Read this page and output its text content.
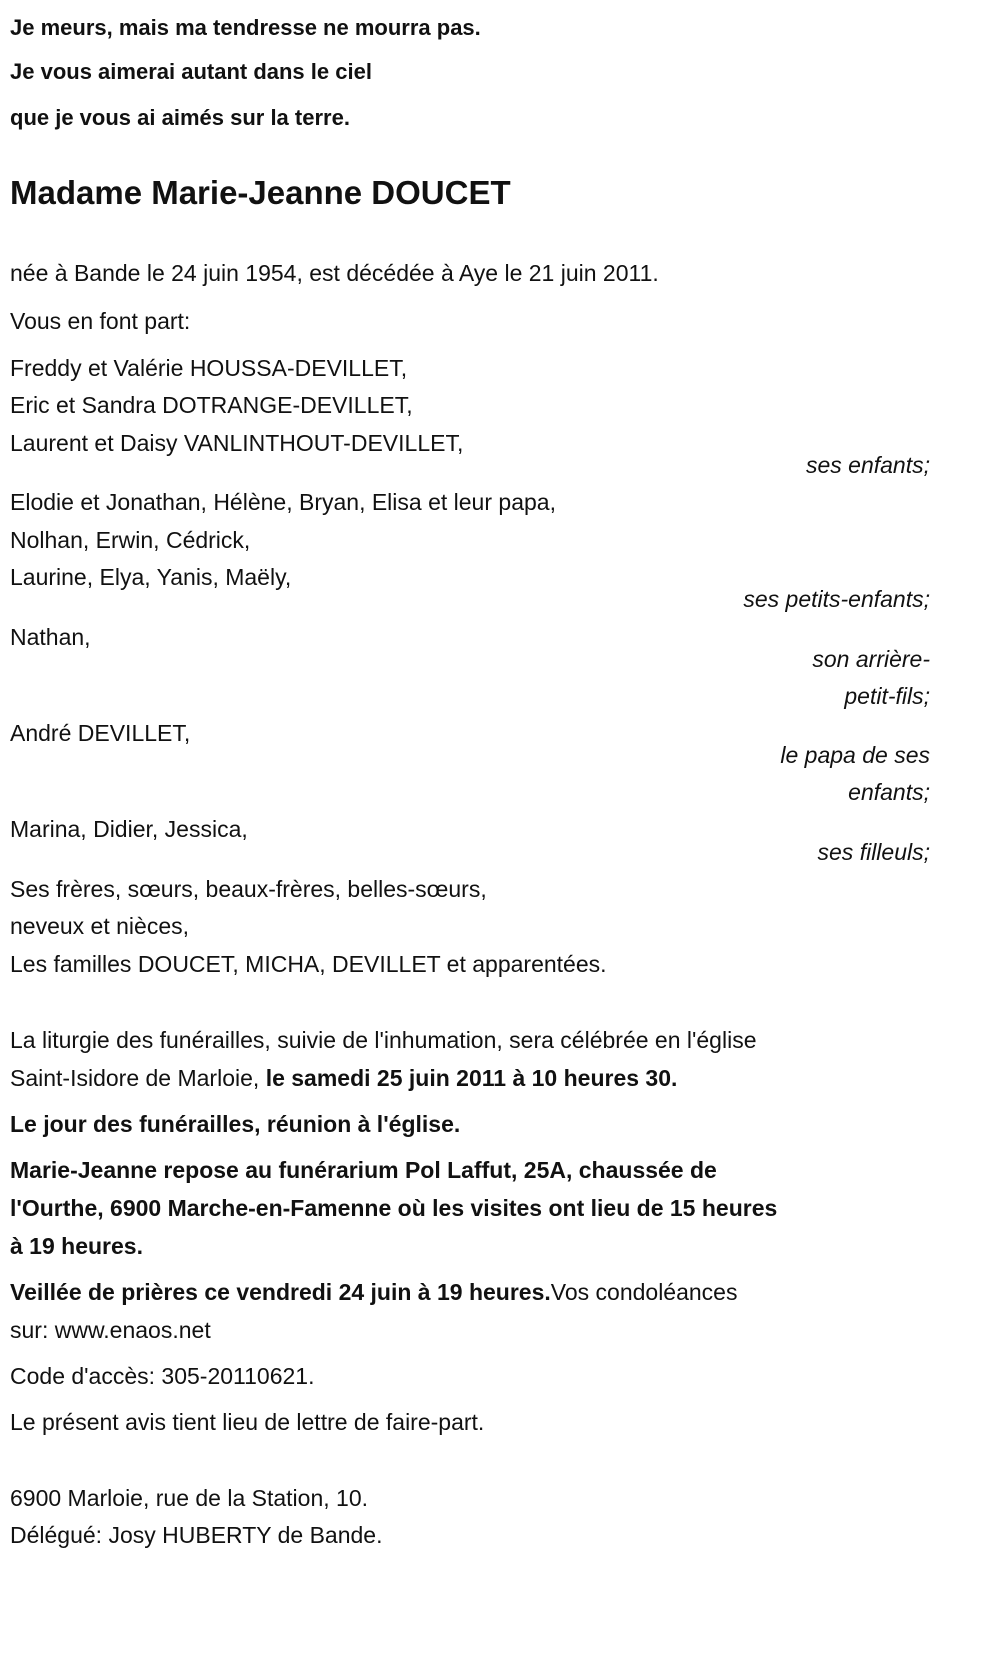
Je meurs, mais ma tendresse ne mourra pas.
Je vous aimerai autant dans le ciel
que je vous ai aimés sur la terre.
Madame Marie-Jeanne DOUCET
née à Bande le 24 juin 1954, est décédée à Aye le 21 juin 2011.
Vous en font part:
Freddy et Valérie HOUSSA-DEVILLET,
Eric et Sandra DOTRANGE-DEVILLET,
Laurent et Daisy VANLINTHOUT-DEVILLET,
ses enfants;
Elodie et Jonathan, Hélène, Bryan, Elisa et leur papa,
Nolhan, Erwin, Cédrick,
Laurine, Elya, Yanis, Maëly,
ses petits-enfants;
Nathan,
son arrière-
petit-fils;
André DEVILLET,
le papa de ses
enfants;
Marina, Didier, Jessica,
ses filleuls;
Ses frères, sœurs, beaux-frères, belles-sœurs,
neveux et nièces,
Les familles DOUCET, MICHA, DEVILLET et apparentées.
La liturgie des funérailles, suivie de l'inhumation, sera célébrée en l'église
Saint-Isidore de Marloie, le samedi 25 juin 2011 à 10 heures 30.
Le jour des funérailles, réunion à l'église.
Marie-Jeanne repose au funérarium Pol Laffut, 25A, chaussée de
l'Ourthe, 6900 Marche-en-Famenne où les visites ont lieu de 15 heures
à 19 heures.
Veillée de prières ce vendredi 24 juin à 19 heures.Vos condoléances
sur: www.enaos.net
Code d'accès: 305-20110621.
Le présent avis tient lieu de lettre de faire-part.
6900 Marloie, rue de la Station, 10.
Délégué: Josy HUBERTY de Bande.
